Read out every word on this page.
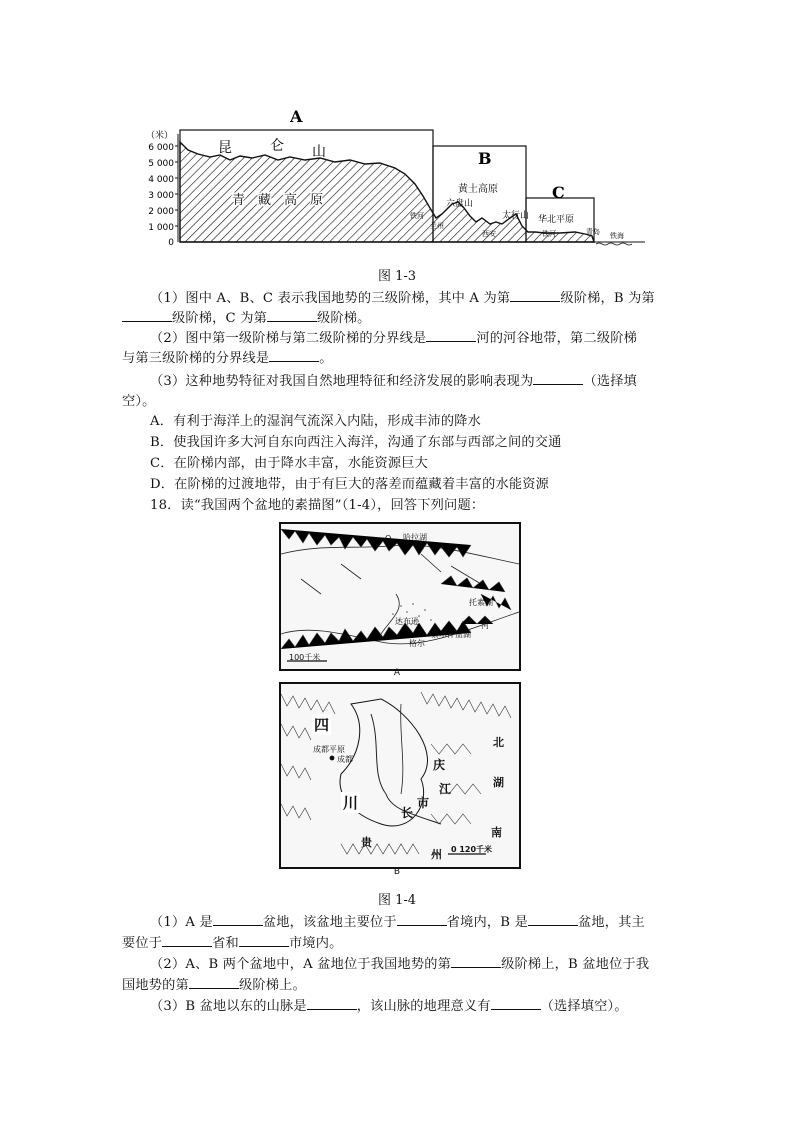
（米）
6 000
5 000
4 000
3 000
2 000
1 000
0
A
B
C
昆	仑 山
青　藏　高　原
黄土高原
六盘山
太行山 华北平原
铁河
兰州
西安	铁河	青岛 铁海
图 1-3
（1）图中 A、B、C 表示我国地势的三级阶梯，其中 A 为第	级阶梯，B 为第
级阶梯，C 为第	级阶梯。
（2）图中第一级阶梯与第二级阶梯的分界线是	河的河谷地带，第二级阶梯
与第三级阶梯的分界线是	。
（3）这种地势特征对我国自然地理特征和经济发展的影响表现为	（选择填
空）。
A．有利于海洋上的湿润气流深入内陆，形成丰沛的降水
B．使我国许多大河自东向西注入海洋，沟通了东部与西部之间的交通
C．在阶梯内部，由于降水丰富，水能资源巨大
D．在阶梯的过渡地带，由于有巨大的落差而蕴藏着丰富的水能资源
18．读“我国两个盆地的素描图”（1-4），回答下列问题：
哈拉湖
O
托素湖
达布逊
察尔汗盐湖
格尔
河
100千米
A
四
成都平原
成都
川
庆
长
江
市
贵
州
南
湖
北
0 120千米
B
图 1-4
（1）A 是	盆地，该盆地主要位于	省境内，B 是	盆地，其主
要位于	省和	市境内。
（2）A、B 两个盆地中，A 盆地位于我国地势的第	级阶梯上，B 盆地位于我
国地势的第	级阶梯上。
（3）B 盆地以东的山脉是	，该山脉的地理意义有	（选择填空）。
